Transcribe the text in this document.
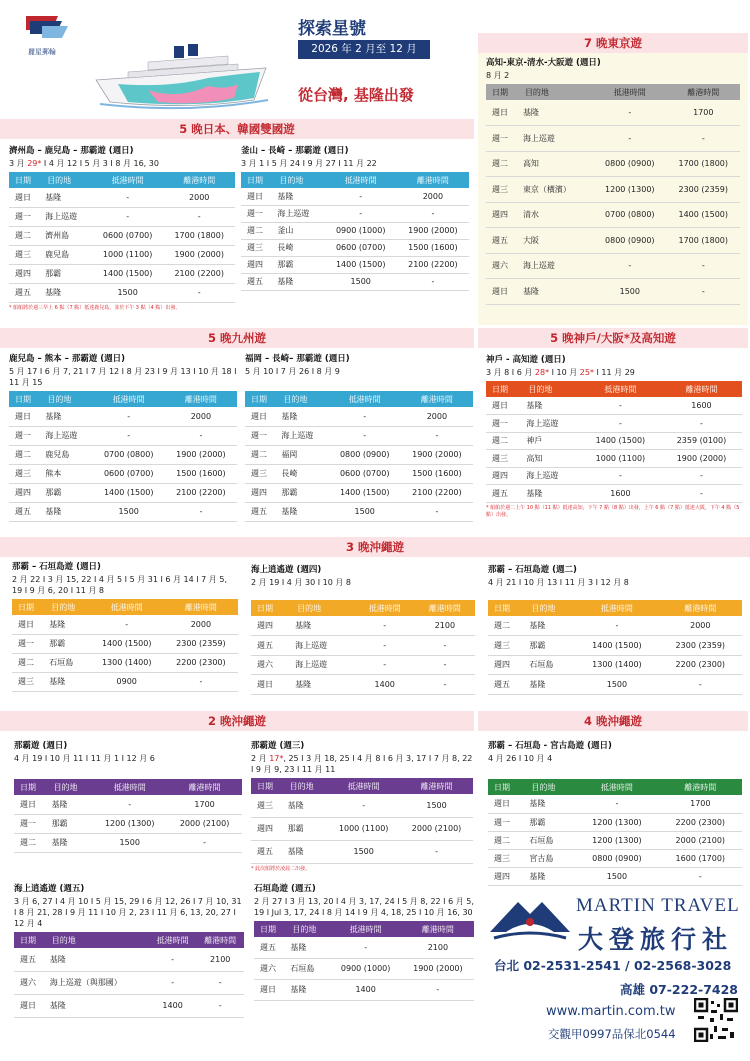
麗星郵輪
探索星號
2026 年 2 月至 12 月
從台灣, 基隆出發
7 晚東京遊
高知-東京-清水-大阪遊 (週日)
8 月 2
日期	目的地	抵港時間	離港時間
週日	基隆	-	1700
週一	海上巡遊	-	-
週二	高知	0800 (0900)	1700 (1800)
週三	東京（橫濱）	1200 (1300)	2300 (2359)
週四	清水	0700 (0800)	1400 (1500)
週五	大阪	0800 (0900)	1700 (1800)
週六	海上巡遊	-	-
週日	基隆	1500	-
5 晚日本、韓國雙國遊
濟州島 – 鹿兒島 – 那霸遊 (週日)
3 月 29* I 4 月 12 I 5 月 3 I 8 月 16, 30
日期	目的地	抵港時間	離港時間
週日	基隆	-	2000
週一	海上巡遊	-	-
週二	濟州島	0600 (0700)	1700 (1800)
週三	鹿兒島	1000 (1100)	1900 (2000)
週四	那霸	1400 (1500)	2100 (2200)
週五	基隆	1500	-
* 船舶將於週三早上 6 點（7 點）抵達鹿兒島，並於下午 3 點（4 點）出發。
釜山 – 長崎 – 那霸遊 (週日)
3 月 1 I 5 月 24 I 9 月 27 I 11 月 22
日期	目的地	抵港時間	離港時間
週日	基隆	-	2000
週一	海上巡遊	-	-
週二	釜山	0900 (1000)	1900 (2000)
週三	長崎	0600 (0700)	1500 (1600)
週四	那霸	1400 (1500)	2100 (2200)
週五	基隆	1500	-
5 晚九州遊
鹿兒島 – 熊本 – 那霸遊 (週日)
5 月 17 I 6 月 7, 21 I 7 月 12 I 8 月 23 I 9 月 13 I 10 月 18 I 11 月 15
日期	目的地	抵港時間	離港時間
週日	基隆	-	2000
週一	海上巡遊	-	-
週二	鹿兒島	0700 (0800)	1900 (2000)
週三	熊本	0600 (0700)	1500 (1600)
週四	那霸	1400 (1500)	2100 (2200)
週五	基隆	1500	-
福岡 – 長崎– 那霸遊 (週日)
5 月 10 I 7 月 26 I 8 月 9
日期	目的地	抵港時間	離港時間
週日	基隆	-	2000
週一	海上巡遊	-	-
週二	福岡	0800 (0900)	1900 (2000)
週三	長崎	0600 (0700)	1500 (1600)
週四	那霸	1400 (1500)	2100 (2200)
週五	基隆	1500	-
5 晚神戶/大阪*及高知遊
神戶 - 高知遊 (週日)
3 月 8 I 6 月 28* I 10 月 25* I 11 月 29
日期	目的地	抵港時間	離港時間
週日	基隆	-	1600
週一	海上巡遊	-	-
週二	神戶	1400 (1500)	2359 (0100)
週三	高知	1000 (1100)	1900 (2000)
週四	海上巡遊	-	-
週五	基隆	1600	-
* 船舶於週二上午 10 點（11 點）抵達高知，下午 7 點（8 點）出發，上午 6 點（7 點）抵達大阪，下午 4 點（5 點）出發。
3 晚沖繩遊
那霸 – 石垣島遊 (週日)
2 月 22 I 3 月 15, 22 I 4 月 5 I 5 月 31 I 6 月 14 I 7 月 5, 19 I 9 月 6, 20 I 11 月 8
日期	目的地	抵港時間	離港時間
週日	基隆	-	2000
週一	那霸	1400 (1500)	2300 (2359)
週二	石垣島	1300 (1400)	2200 (2300)
週三	基隆	0900	-
海上逍遙遊 (週四)
2 月 19 I 4 月 30 I 10 月 8
日期	目的地	抵港時間	離港時間
週四	基隆	-	2100
週五	海上巡遊	-	-
週六	海上巡遊	-	-
週日	基隆	1400	-
那霸 – 石垣島遊 (週二)
4 月 21 I 10 月 13 I 11 月 3 I 12 月 8
日期	目的地	抵港時間	離港時間
週二	基隆	-	2000
週三	那霸	1400 (1500)	2300 (2359)
週四	石垣島	1300 (1400)	2200 (2300)
週五	基隆	1500	-
2 晚沖繩遊
那霸遊 (週日)
4 月 19 I 10 月 11 I 11 月 1 I 12 月 6
日期	目的地	抵港時間	離港時間
週日	基隆	-	1700
週一	那霸	1200 (1300)	2000 (2100)
週二	基隆	1500	-
那霸遊 (週三)
2 月 17*, 25 I 3 月 18, 25 I 4 月 8 I 6 月 3, 17 I 7 月 8, 22 I 9 月 9, 23 I 11 月 11
日期	目的地	抵港時間	離港時間
週三	基隆	-	1500
週四	那霸	1000 (1100)	2000 (2100)
週五	基隆	1500	-
* 此次船將於凌晨二出發。
4 晚沖繩遊
那霸 – 石垣島 - 宮古島遊 (週日)
4 月 26 I 10 月 4
日期	目的地	抵港時間	離港時間
週日	基隆	-	1700
週一	那霸	1200 (1300)	2200 (2300)
週二	石垣島	1200 (1300)	2000 (2100)
週三	宮古島	0800 (0900)	1600 (1700)
週四	基隆	1500	-
海上逍遙遊 (週五)
3 月 6, 27 I 4 月 10 I 5 月 15, 29 I 6 月 12, 26 I 7 月 10, 31 I 8 月 21, 28 I 9 月 11 I 10 月 2, 23 I 11 月 6, 13, 20, 27 I 12 月 4
日期	目的地	抵港時間	離港時間
週五	基隆	-	2100
週六	海上巡遊（與那國）	-	-
週日	基隆	1400	-
石垣島遊 (週五)
2 月 27 I 3 月 13, 20 I 4 月 3, 17, 24 I 5 月 8, 22 I 6 月 5, 19 I Jul 3, 17, 24 I 8 月 14 I 9 月 4, 18, 25 I 10 月 16, 30
日期	目的地	抵港時間	離港時間
週五	基隆	-	2100
週六	石垣島	0900 (1000)	1900 (2000)
週日	基隆	1400	-
MARTIN TRAVEL
大登旅行社
台北 02-2531-2541 / 02-2568-3028
高雄 07-222-7428
www.martin.com.tw
交觀甲0997品保北0544
